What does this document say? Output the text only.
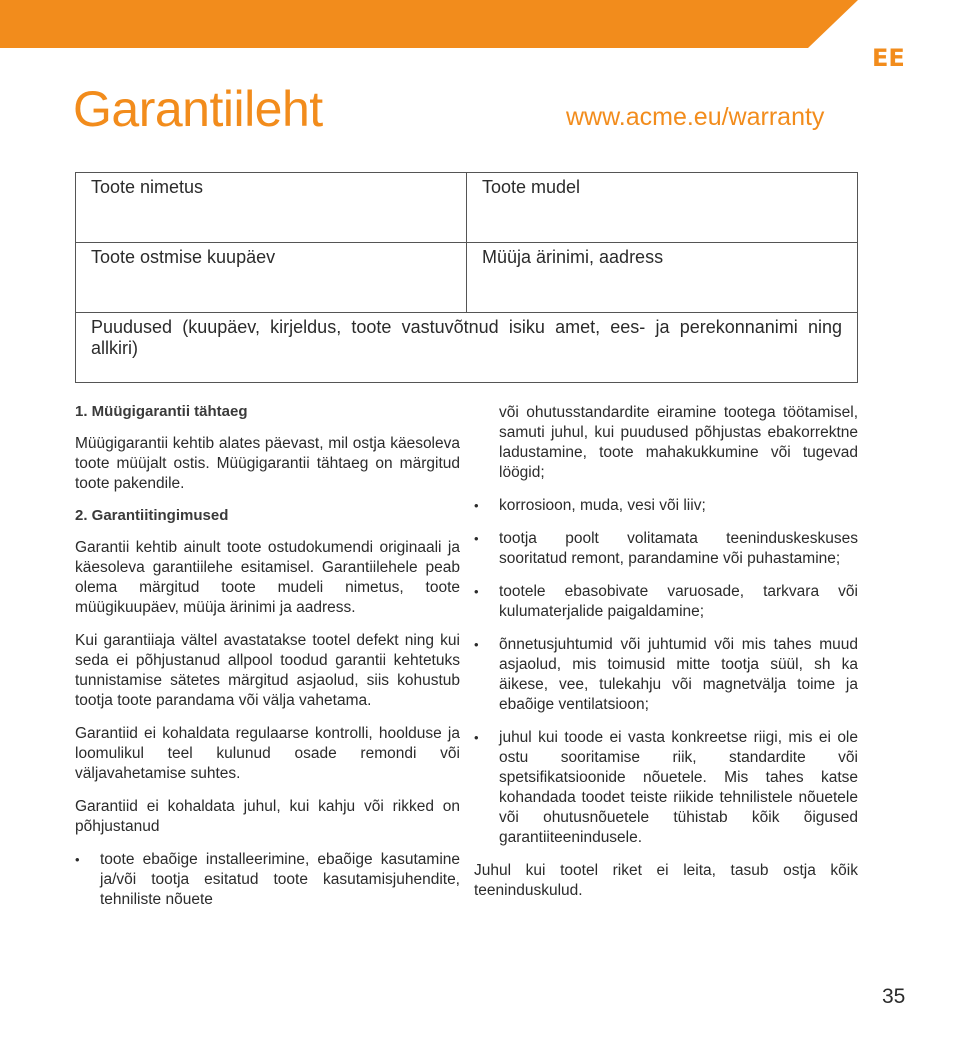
EE
Garantiileht	www.acme.eu/warranty
Toote nimetus	Toote mudel
Toote ostmise kuupäev	Müüja ärinimi, aadress
Puudused (kuupäev, kirjeldus, toote vastuvõtnud isiku amet, ees- ja perekonnanimi ning allkiri)	
1. Müügigarantii tähtaeg

Müügigarantii kehtib alates päevast, mil ostja käesoleva toote müüjalt ostis. Müügigarantii tähtaeg on märgitud toote pakendile.

2. Garantiitingimused

Garantii kehtib ainult toote ostudokumendi originaali ja käesoleva garantiilehe esitamisel. Garantiilehele peab olema märgitud toote mudeli nimetus, toote müügikuupäev, müüja ärinimi ja aadress.

Kui garantiiaja vältel avastatakse tootel defekt ning kui seda ei põhjustanud allpool toodud garantii kehtetuks tunnistamise sätetes märgitud asjaolud, siis kohustub tootja toote parandama või välja vahetama.

Garantiid ei kohaldata regulaarse kontrolli, hoolduse ja loomulikul teel kulunud osade remondi või väljavahetamise suhtes.

Garantiid ei kohaldata juhul, kui kahju või rikked on põhjustanud

• toote ebaõige installeerimine, ebaõige kasutamine ja/või tootja esitatud toote kasutamisjuhendite, tehniliste nõuete

või ohutusstandardite eiramine tootega töötamisel, samuti juhul, kui puudused põhjustas ebakorrektne ladustamine, toote mahakukkumine või tugevad löögid;

• korrosioon, muda, vesi või liiv;
• tootja poolt volitamata teeninduskeskuses sooritatud remont, parandamine või puhastamine;
• tootele ebasobivate varuosade, tarkvara või kulumaterjalide paigaldamine;
• õnnetusjuhtumid või juhtumid või mis tahes muud asjaolud, mis toimusid mitte tootja süül, sh ka äikese, vee, tulekahju või magnetvälja toime ja ebaõige ventilatsioon;
• juhul kui toode ei vasta konkreetse riigi, mis ei ole ostu sooritamise riik, standardite või spetsifikatsioonide nõuetele. Mis tahes katse kohandada toodet teiste riikide tehnilistele nõuetele või ohutusnõuetele tühistab kõik õigused garantiiteenindusele.

Juhul kui tootel riket ei leita, tasub ostja kõik teeninduskulud.

35
